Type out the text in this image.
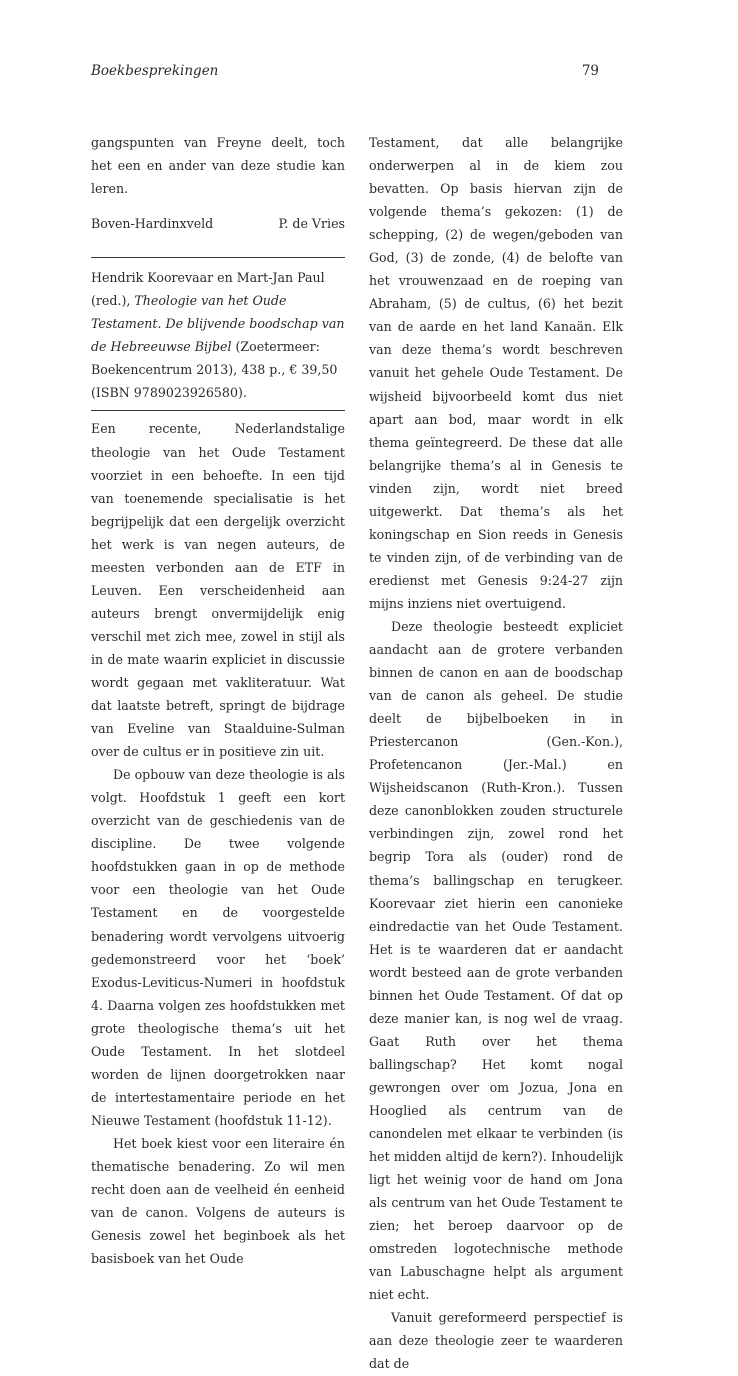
Boekbesprekingen	79

gangspunten van Freyne deelt, toch het een en ander van deze studie kan leren.

Boven-Hardinxveld	P. de Vries

Hendrik Koorevaar en Mart-Jan Paul (red.), Theologie van het Oude Testament. De blijvende boodschap van de Hebreeuwse Bijbel (Zoetermeer: Boekencentrum 2013), 438 p., € 39,50 (ISBN 9789023926580).

Een recente, Nederlandstalige theologie van het Oude Testament voorziet in een behoefte. In een tijd van toenemende specialisatie is het begrijpelijk dat een dergelijk overzicht het werk is van negen auteurs, de meesten verbonden aan de ETF in Leuven. Een verscheidenheid aan auteurs brengt onvermijdelijk enig verschil met zich mee, zowel in stijl als in de mate waarin expliciet in discussie wordt gegaan met vakliteratuur. Wat dat laatste betreft, springt de bijdrage van Eveline van Staalduine-Sulman over de cultus er in positieve zin uit.

De opbouw van deze theologie is als volgt. Hoofdstuk 1 geeft een kort overzicht van de geschiedenis van de discipline. De twee volgende hoofdstukken gaan in op de methode voor een theologie van het Oude Testament en de voorgestelde benadering wordt vervolgens uitvoerig gedemonstreerd voor het ‘boek’ Exodus-Leviticus-Numeri in hoofdstuk 4. Daarna volgen zes hoofdstukken met grote theologische thema’s uit het Oude Testament. In het slotdeel worden de lijnen doorgetrokken naar de intertestamentaire periode en het Nieuwe Testament (hoofdstuk 11-12).

Het boek kiest voor een literaire én thematische benadering. Zo wil men recht doen aan de veelheid én eenheid van de canon. Volgens de auteurs is Genesis zowel het beginboek als het basisboek van het Oude

Testament, dat alle belangrijke onderwerpen al in de kiem zou bevatten. Op basis hiervan zijn de volgende thema’s gekozen: (1) de schepping, (2) de wegen/geboden van God, (3) de zonde, (4) de belofte van het vrouwenzaad en de roeping van Abraham, (5) de cultus, (6) het bezit van de aarde en het land Kanaän. Elk van deze thema’s wordt beschreven vanuit het gehele Oude Testament. De wijsheid bijvoorbeeld komt dus niet apart aan bod, maar wordt in elk thema geïntegreerd. De these dat alle belangrijke thema’s al in Genesis te vinden zijn, wordt niet breed uitgewerkt. Dat thema’s als het koningschap en Sion reeds in Genesis te vinden zijn, of de verbinding van de eredienst met Genesis 9:24-27 zijn mijns inziens niet overtuigend.

Deze theologie besteedt expliciet aandacht aan de grotere verbanden binnen de canon en aan de boodschap van de canon als geheel. De studie deelt de bijbelboeken in in Priestercanon (Gen.-Kon.), Profetencanon (Jer.-Mal.) en Wijsheidscanon (Ruth-Kron.). Tussen deze canonblokken zouden structurele verbindingen zijn, zowel rond het begrip Tora als (ouder) rond de thema’s ballingschap en terugkeer. Koorevaar ziet hierin een canonieke eindredactie van het Oude Testament. Het is te waarderen dat er aandacht wordt besteed aan de grote verbanden binnen het Oude Testament. Of dat op deze manier kan, is nog wel de vraag. Gaat Ruth over het thema ballingschap? Het komt nogal gewrongen over om Jozua, Jona en Hooglied als centrum van de canondelen met elkaar te verbinden (is het midden altijd de kern?). Inhoudelijk ligt het weinig voor de hand om Jona als centrum van het Oude Testament te zien; het beroep daarvoor op de omstreden logotechnische methode van Labuschagne helpt als argument niet echt.

Vanuit gereformeerd perspectief is aan deze theologie zeer te waarderen dat de
